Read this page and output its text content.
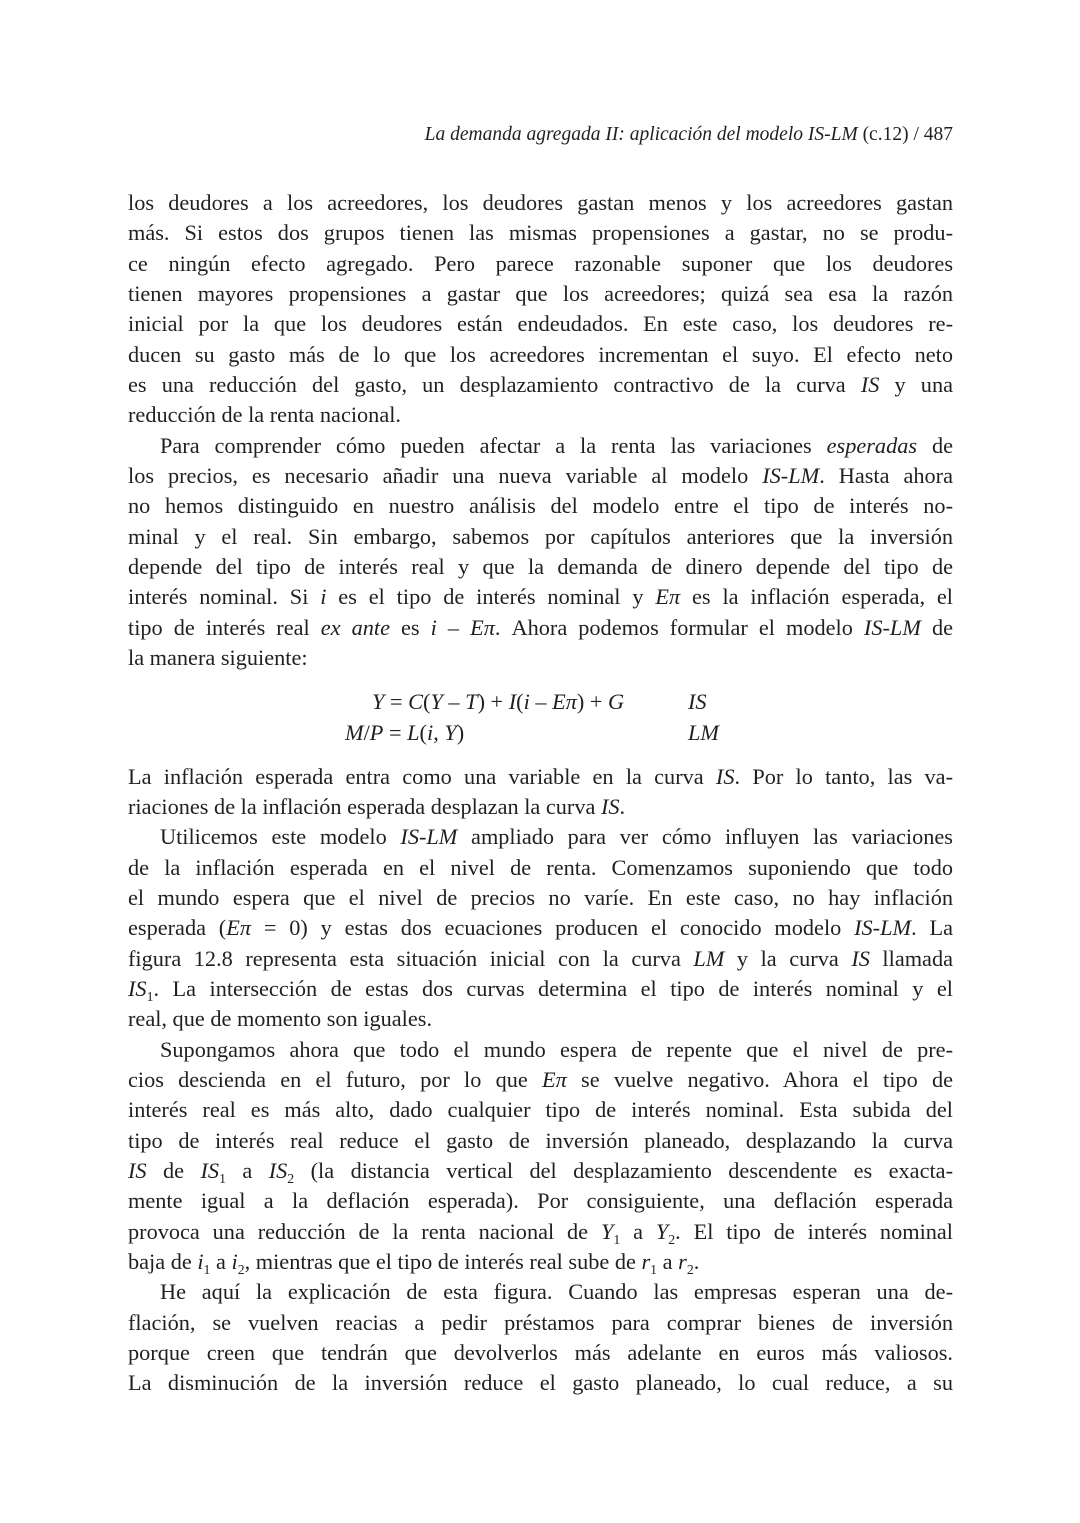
La demanda agregada II: aplicación del modelo IS-LM (c.12) / 487
los deudores a los acreedores, los deudores gastan menos y los acreedores gastan
más. Si estos dos grupos tienen las mismas propensiones a gastar, no se produ-
ce ningún efecto agregado. Pero parece razonable suponer que los deudores
tienen mayores propensiones a gastar que los acreedores; quizá sea esa la razón
inicial por la que los deudores están endeudados. En este caso, los deudores re-
ducen su gasto más de lo que los acreedores incrementan el suyo. El efecto neto
es una reducción del gasto, un desplazamiento contractivo de la curva IS y una
reducción de la renta nacional.
Para comprender cómo pueden afectar a la renta las variaciones esperadas de
los precios, es necesario añadir una nueva variable al modelo IS-LM. Hasta ahora
no hemos distinguido en nuestro análisis del modelo entre el tipo de interés no-
minal y el real. Sin embargo, sabemos por capítulos anteriores que la inversión
depende del tipo de interés real y que la demanda de dinero depende del tipo de
interés nominal. Si i es el tipo de interés nominal y Eπ es la inflación esperada, el
tipo de interés real ex ante es i – Eπ. Ahora podemos formular el modelo IS-LM de
la manera siguiente:
Y = C(Y – T) + I(i – Eπ) + G	IS
M/P = L(i, Y)	LM
La inflación esperada entra como una variable en la curva IS. Por lo tanto, las va-
riaciones de la inflación esperada desplazan la curva IS.
Utilicemos este modelo IS-LM ampliado para ver cómo influyen las variaciones
de la inflación esperada en el nivel de renta. Comenzamos suponiendo que todo
el mundo espera que el nivel de precios no varíe. En este caso, no hay inflación
esperada (Eπ = 0) y estas dos ecuaciones producen el conocido modelo IS-LM. La
figura 12.8 representa esta situación inicial con la curva LM y la curva IS llamada
$IS_1$. La intersección de estas dos curvas determina el tipo de interés nominal y el
real, que de momento son iguales.
Supongamos ahora que todo el mundo espera de repente que el nivel de pre-
cios descienda en el futuro, por lo que Eπ se vuelve negativo. Ahora el tipo de
interés real es más alto, dado cualquier tipo de interés nominal. Esta subida del
tipo de interés real reduce el gasto de inversión planeado, desplazando la curva
IS de $IS_1$ a $IS_2$ (la distancia vertical del desplazamiento descendente es exacta-
mente igual a la deflación esperada). Por consiguiente, una deflación esperada
provoca una reducción de la renta nacional de $Y_1$ a $Y_2$. El tipo de interés nominal
baja de $i_1$ a $i_2$, mientras que el tipo de interés real sube de $r_1$ a $r_2$.
He aquí la explicación de esta figura. Cuando las empresas esperan una de-
flación, se vuelven reacias a pedir préstamos para comprar bienes de inversión
porque creen que tendrán que devolverlos más adelante en euros más valiosos.
La disminución de la inversión reduce el gasto planeado, lo cual reduce, a su
